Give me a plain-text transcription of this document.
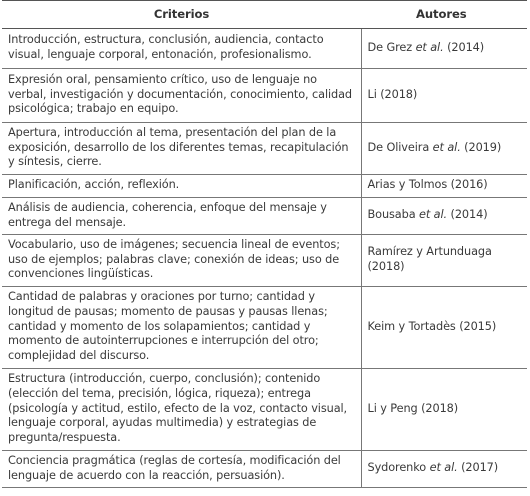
Criterios	Autores
Introducción, estructura, conclusión, audiencia, contacto visual, lenguaje corporal, entonación, profesionalismo.	De Grez et al. (2014)
Expresión oral, pensamiento crítico, uso de lenguaje no verbal, investigación y documentación, conocimiento, calidad psicológica; trabajo en equipo.	Li (2018)
Apertura, introducción al tema, presentación del plan de la exposición, desarrollo de los diferentes temas, recapitulación y síntesis, cierre.	De Oliveira et al. (2019)
Planificación, acción, reflexión.	Arias y Tolmos (2016)
Análisis de audiencia, coherencia, enfoque del mensaje y entrega del mensaje.	Bousaba et al. (2014)
Vocabulario, uso de imágenes; secuencia lineal de eventos; uso de ejemplos; palabras clave; conexión de ideas; uso de convenciones lingüísticas.	Ramírez y Artunduaga (2018)
Cantidad de palabras y oraciones por turno; cantidad y longitud de pausas; momento de pausas y pausas llenas; cantidad y momento de los solapamientos; cantidad y momento de autointerrupciones e interrupción del otro; complejidad del discurso.	Keim y Tortadès (2015)
Estructura (introducción, cuerpo, conclusión); contenido (elección del tema, precisión, lógica, riqueza); entrega (psicología y actitud, estilo, efecto de la voz, contacto visual, lenguaje corporal, ayudas multimedia) y estrategias de pregunta/respuesta.	Li y Peng (2018)
Conciencia pragmática (reglas de cortesía, modificación del lenguaje de acuerdo con la reacción, persuasión).	Sydorenko et al. (2017)
